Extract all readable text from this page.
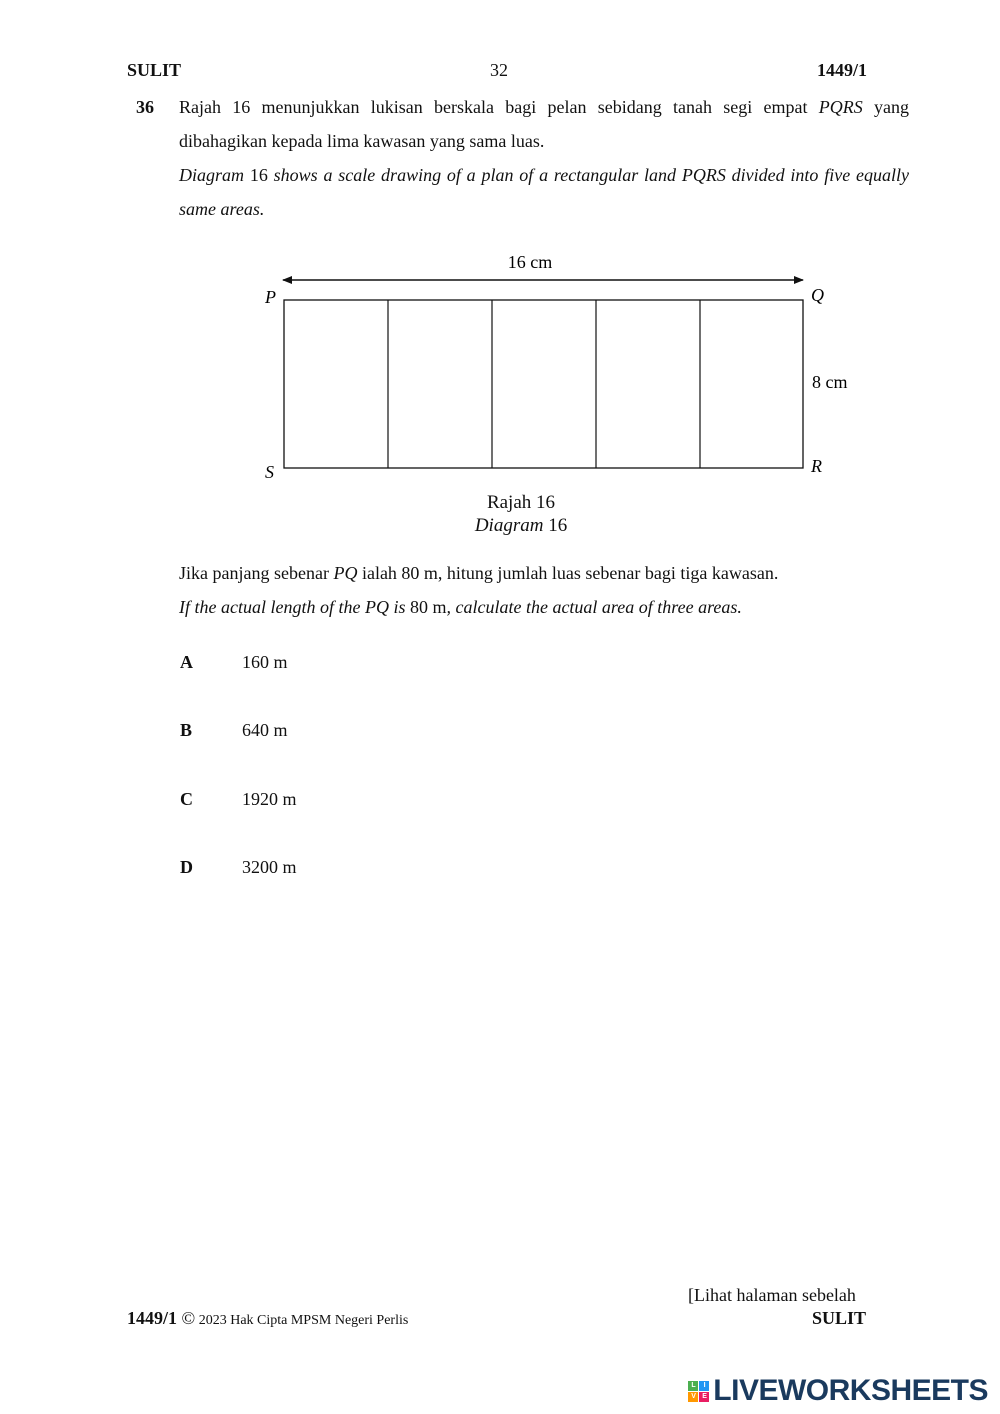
SULIT	32	1449/1
36 Rajah 16 menunjukkan lukisan berskala bagi pelan sebidang tanah segi empat PQRS yang dibahagikan kepada lima kawasan yang sama luas.

Diagram 16 shows a scale drawing of a plan of a rectangular land PQRS divided into five equally same areas.

16 cm
P	Q
R
S
8 cm
Rajah 16
Diagram 16

Jika panjang sebenar PQ ialah 80 m, hitung jumlah luas sebenar bagi tiga kawasan.

If the actual length of the PQ is 80 m, calculate the actual area of three areas.

A	160 m
B	640 m
C	1920 m
D	3200 m
[Lihat halaman sebelah
1449/1 © 2023 Hak Cipta MPSM Negeri Perlis	SULIT
L	I
V E LIVEWORKSHEETS
